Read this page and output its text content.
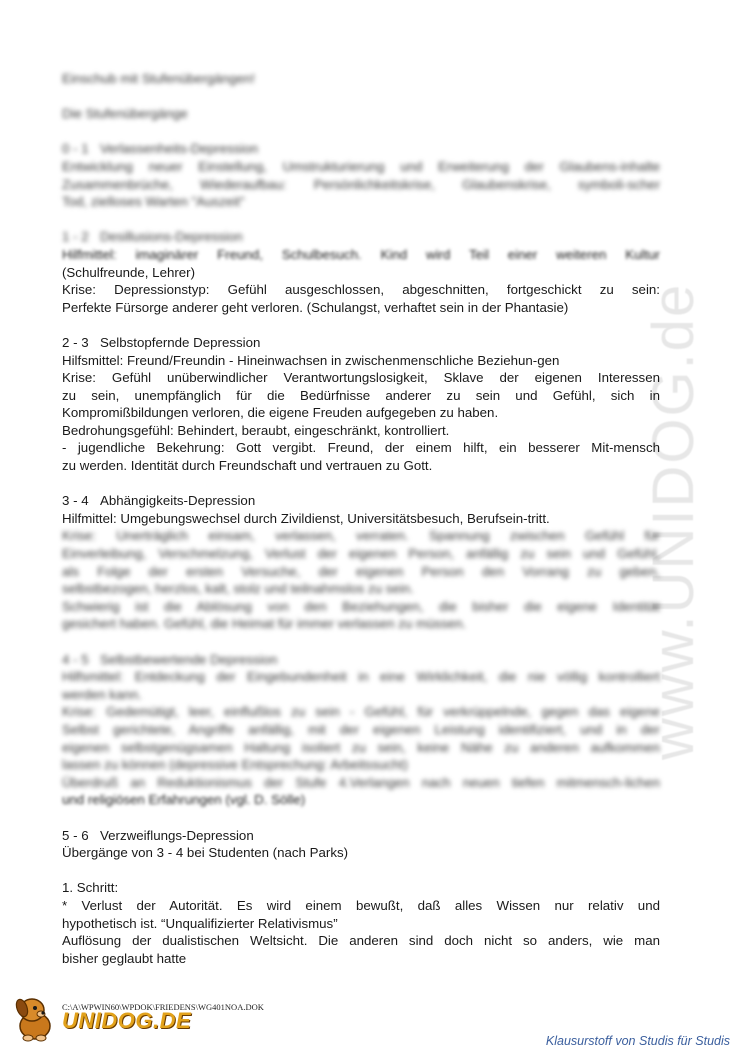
www.UNIDOG.de
Einschub mit Stufenübergängen!
Die Stufenübergänge
0 - 1 Verlassenheits-Depression
Entwicklung neuer Einstellung, Umstrukturierung und Erweiterung der Glaubens-inhalte
Zusammenbrüche, Wiederaufbau: Persönlichkeitskrise, Glaubenskrise, symboli-scher
Tod, zielloses Warten "Auszeit"
1 - 2 Desillusions-Depression
Hilfmittel: imaginärer Freund, Schulbesuch. Kind wird Teil einer weiteren Kultur
(Schulfreunde, Lehrer)
Krise: Depressionstyp: Gefühl ausgeschlossen, abgeschnitten, fortgeschickt zu sein:
Perfekte Fürsorge anderer geht verloren. (Schulangst, verhaftet sein in der Phantasie)
2 - 3 Selbstopfernde Depression
Hilfsmittel: Freund/Freundin - Hineinwachsen in zwischenmenschliche Beziehun-gen
Krise: Gefühl unüberwindlicher Verantwortungslosigkeit, Sklave der eigenen Interessen
zu sein, unempfänglich für die Bedürfnisse anderer zu sein und Gefühl, sich in
Kompromißbildungen verloren, die eigene Freuden aufgegeben zu haben.
Bedrohungsgefühl: Behindert, beraubt, eingeschränkt, kontrolliert.
- jugendliche Bekehrung: Gott vergibt. Freund, der einem hilft, ein besserer Mit-mensch
zu werden. Identität durch Freundschaft und vertrauen zu Gott.
3 - 4 Abhängigkeits-Depression
Hilfmittel: Umgebungswechsel durch Zivildienst, Universitätsbesuch, Berufsein-tritt.
Krise: Unerträglich einsam, verlassen, verraten. Spannung zwischen Gefühl für
Einverleibung, Verschmelzung, Verlust der eigenen Person, anfällig zu sein und Gefühl,
als Folge der ersten Versuche, der eigenen Person den Vorrang zu geben,
selbstbezogen, herzlos, kalt, stolz und teilnahmslos zu sein.
Schwierig ist die Ablösung von den Beziehungen, die bisher die eigene Identität
gesichert haben. Gefühl, die Heimat für immer verlassen zu müssen.
4 - 5 Selbstbewertende Depression
Hilfsmittel: Entdeckung der Eingebundenheit in eine Wirklichkeit, die nie völlig kontrolliert
werden kann.
Krise: Gedemütigt, leer, einflußlos zu sein - Gefühl, für verkrüppelnde, gegen das eigene
Selbst gerichtete, Angriffe anfällig, mit der eigenen Leistung identifiziert, und in der
eigenen selbstgenügsamen Haltung isoliert zu sein, keine Nähe zu anderen aufkommen
lassen zu können (depressive Entsprechung: Arbeitssucht)
Überdruß an Reduktionismus der Stufe 4.Verlangen nach neuen tiefen mitmensch-lichen
und religiösen Erfahrungen (vgl. D. Sölle)
5 - 6 Verzweiflungs-Depression
Übergänge von 3 - 4 bei Studenten (nach Parks)
1. Schritt:
* Verlust der Autorität. Es wird einem bewußt, daß alles Wissen nur relativ und
hypothetisch ist. “Unqualifizierter Relativismus”
Auflösung der dualistischen Weltsicht. Die anderen sind doch nicht so anders, wie man
bisher geglaubt hatte
C:\A\WPWIN60\WPDOK\FRIEDENS\WG401NOA.DOK
UNIDOG.DE
Klausurstoff von Studis für Studis
